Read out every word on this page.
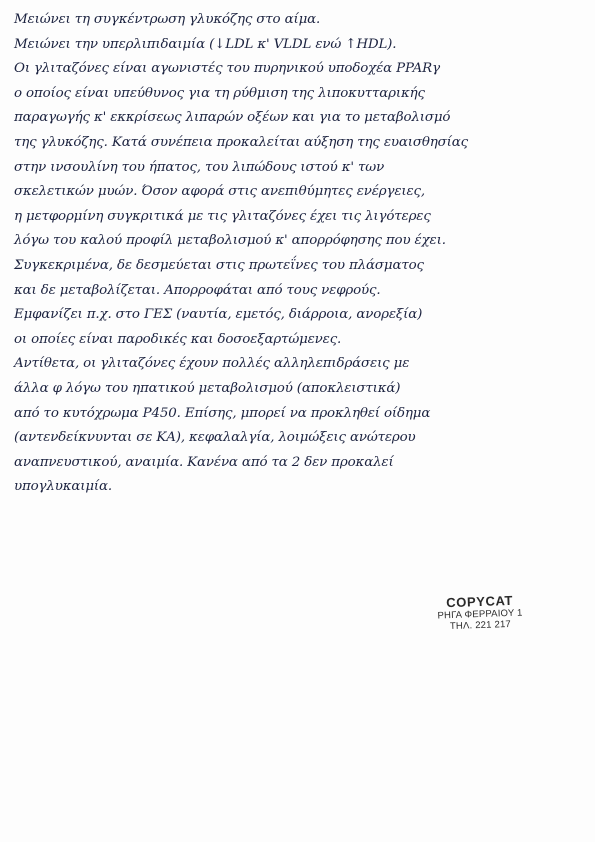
Μειώνει τη συγκέντρωση γλυκόζης στο αίμα.
Μειώνει την υπερλιπιδαιμία (↓LDL κ' VLDL ενώ ↑HDL).
Οι γλιταζόνες είναι αγωνιστές του πυρηνικού υποδοχέα PPARγ
ο οποίος είναι υπεύθυνος για τη ρύθμιση της λιποκυτταρικής
παραγωγής κ' εκκρίσεως λιπαρών οξέων και για το μεταβολισμό
της γλυκόζης. Κατά συνέπεια προκαλείται αύξηση της ευαισθησίας
στην ινσουλίνη του ήπατος, του λιπώδους ιστού κ' των
σκελετικών μυών. Όσον αφορά στις ανεπιθύμητες ενέργειες,
η μετφορμίνη συγκριτικά με τις γλιταζόνες έχει τις λιγότερες
λόγω του καλού προφίλ μεταβολισμού κ' απορρόφησης που έχει.
Συγκεκριμένα, δε δεσμεύεται στις πρωτεΐνες του πλάσματος
και δε μεταβολίζεται. Απορροφάται από τους νεφρούς.
Εμφανίζει π.χ. στο ΓΕΣ (ναυτία, εμετός, διάρροια, ανορεξία)
οι οποίες είναι παροδικές και δοσοεξαρτώμενες.
Αντίθετα, οι γλιταζόνες έχουν πολλές αλληλεπιδράσεις με
άλλα φ λόγω του ηπατικού μεταβολισμού (αποκλειστικά)
από το κυτόχρωμα P450. Επίσης, μπορεί να προκληθεί οίδημα
(αντενδείκνυνται σε ΚΑ), κεφαλαλγία, λοιμώξεις ανώτερου
αναπνευστικού, αναιμία. Κανένα από τα 2 δεν προκαλεί
υπογλυκαιμία.
COPYCAT
ΡΗΓΑ ΦΕΡΡΑΙΟΥ 1
ΤΗΛ. 221 217
